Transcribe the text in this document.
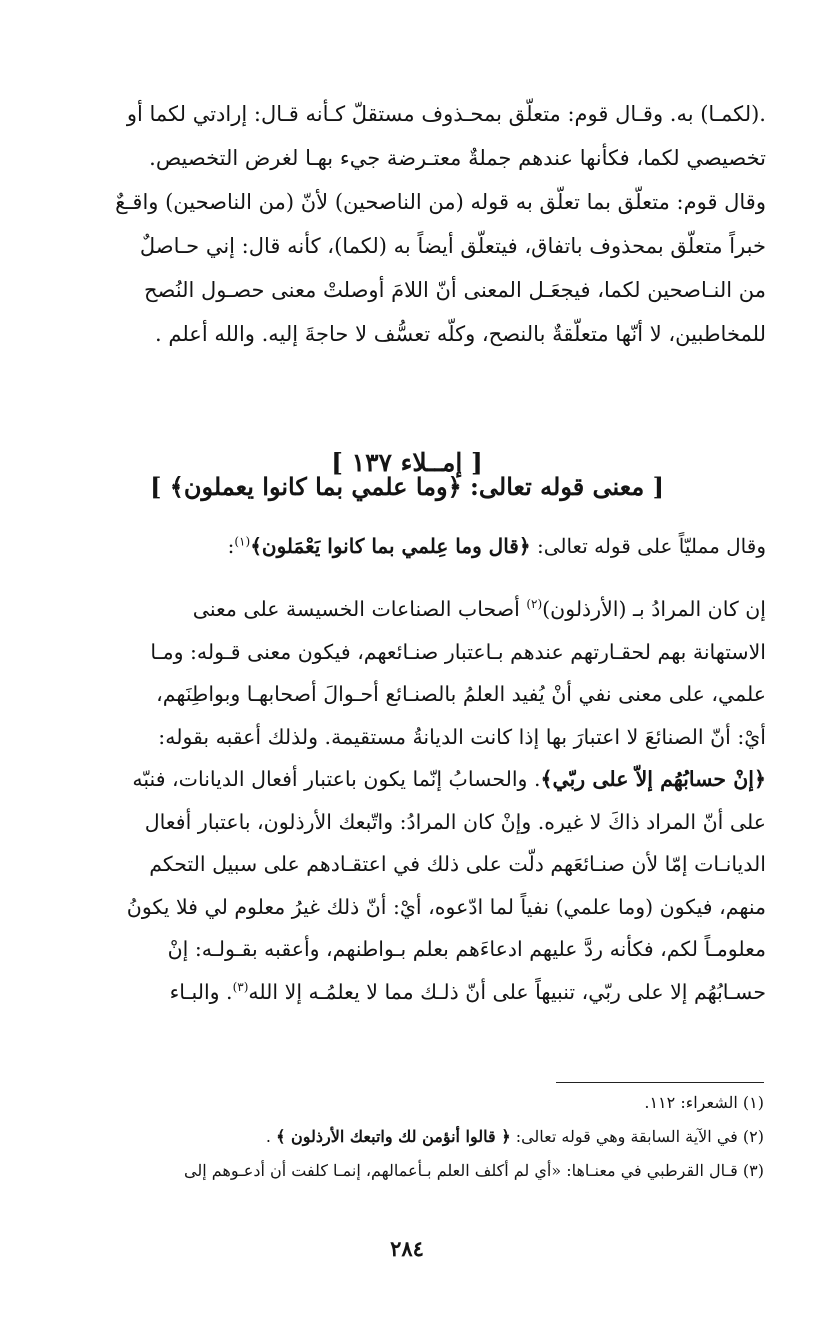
.(لكمـا) به. وقـال قوم: متعلّق بمحـذوف مستقلّ كـأنه قـال: إرادتي لكما أو
تخصيصي لكما، فكأنها عندهم جملةٌ معتـرضة جيء بهـا لغرض التخصيص.
وقال قوم: متعلّق بما تعلّق به قوله (من الناصحين) لأنّ (من الناصحين) واقـعٌ
خبراً متعلّق بمحذوف باتفاق، فيتعلّق أيضاً به (لكما)، كأنه قال: إني حـاصلٌ
من النـاصحين لكما، فيجعَـل المعنى أنّ اللامَ أوصلتْ معنى حصـول النُصح
للمخاطبين، لا أنّها متعلّقةٌ بالنصح، وكلّه تعسُّف لا حاجةَ إليه. والله أعلم .
[ إمــلاء ١٣٧ ]
[ معنى قوله تعالى: ﴿وما علمي بما كانوا يعملون﴾ ]
وقال ممليّاً على قوله تعالى: ﴿قال وما عِلمي بما كانوا يَعْمَلون﴾$^{(١)}$:
إن كان المرادُ بـ (الأرذلون)$^{(٢)}$ أصحاب الصناعات الخسيسة على معنى
الاستهانة بهم لحقـارتهم عندهم بـاعتبار صنـائعهم، فيكون معنى قـوله: ومـا
علمي، على معنى نفي أنْ يُفيد العلمُ بالصنـائع أحـوالَ أصحابهـا وبواطِنَهم،
أيْ: أنّ الصنائعَ لا اعتبارَ بها إذا كانت الديانةُ مستقيمة. ولذلك أعقبه بقوله:
﴿إنْ حسابُهُم إلاّ على ربّي﴾. والحسابُ إنّما يكون باعتبار أفعال الديانات، فنبّه
على أنّ المراد ذاكَ لا غيره. وإنْ كان المرادُ: واتّبعك الأرذلون، باعتبار أفعال
الديانـات إمّا لأن صنـائعَهم دلّت على ذلك في اعتقـادهم على سبيل التحكم
منهم، فيكون (وما علمي) نفياً لما ادّعوه، أيْ: أنّ ذلك غيرُ معلوم لي فلا يكونُ
معلومـاً لكم، فكأنه ردَّ عليهم ادعاءَهم بعلم بـواطنهم، وأعقبه بقـولـه: إنْ
حسـابُهُم إلا على ربّي، تنبيهاً على أنّ ذلـك مما لا يعلمُـه إلا الله$^{(٣)}$. والبـاء
(١) الشعراء: ١١٢.
(٢) في الآية السابقة وهي قوله تعالى: ﴿ قالوا أنؤمن لك واتبعك الأرذلون ﴾ .
(٣) قـال القرطبي في معنـاها: «أي لم أكلف العلم بـأعمالهم، إنمـا كلفت أن أدعـوهم إلى
٢٨٤
